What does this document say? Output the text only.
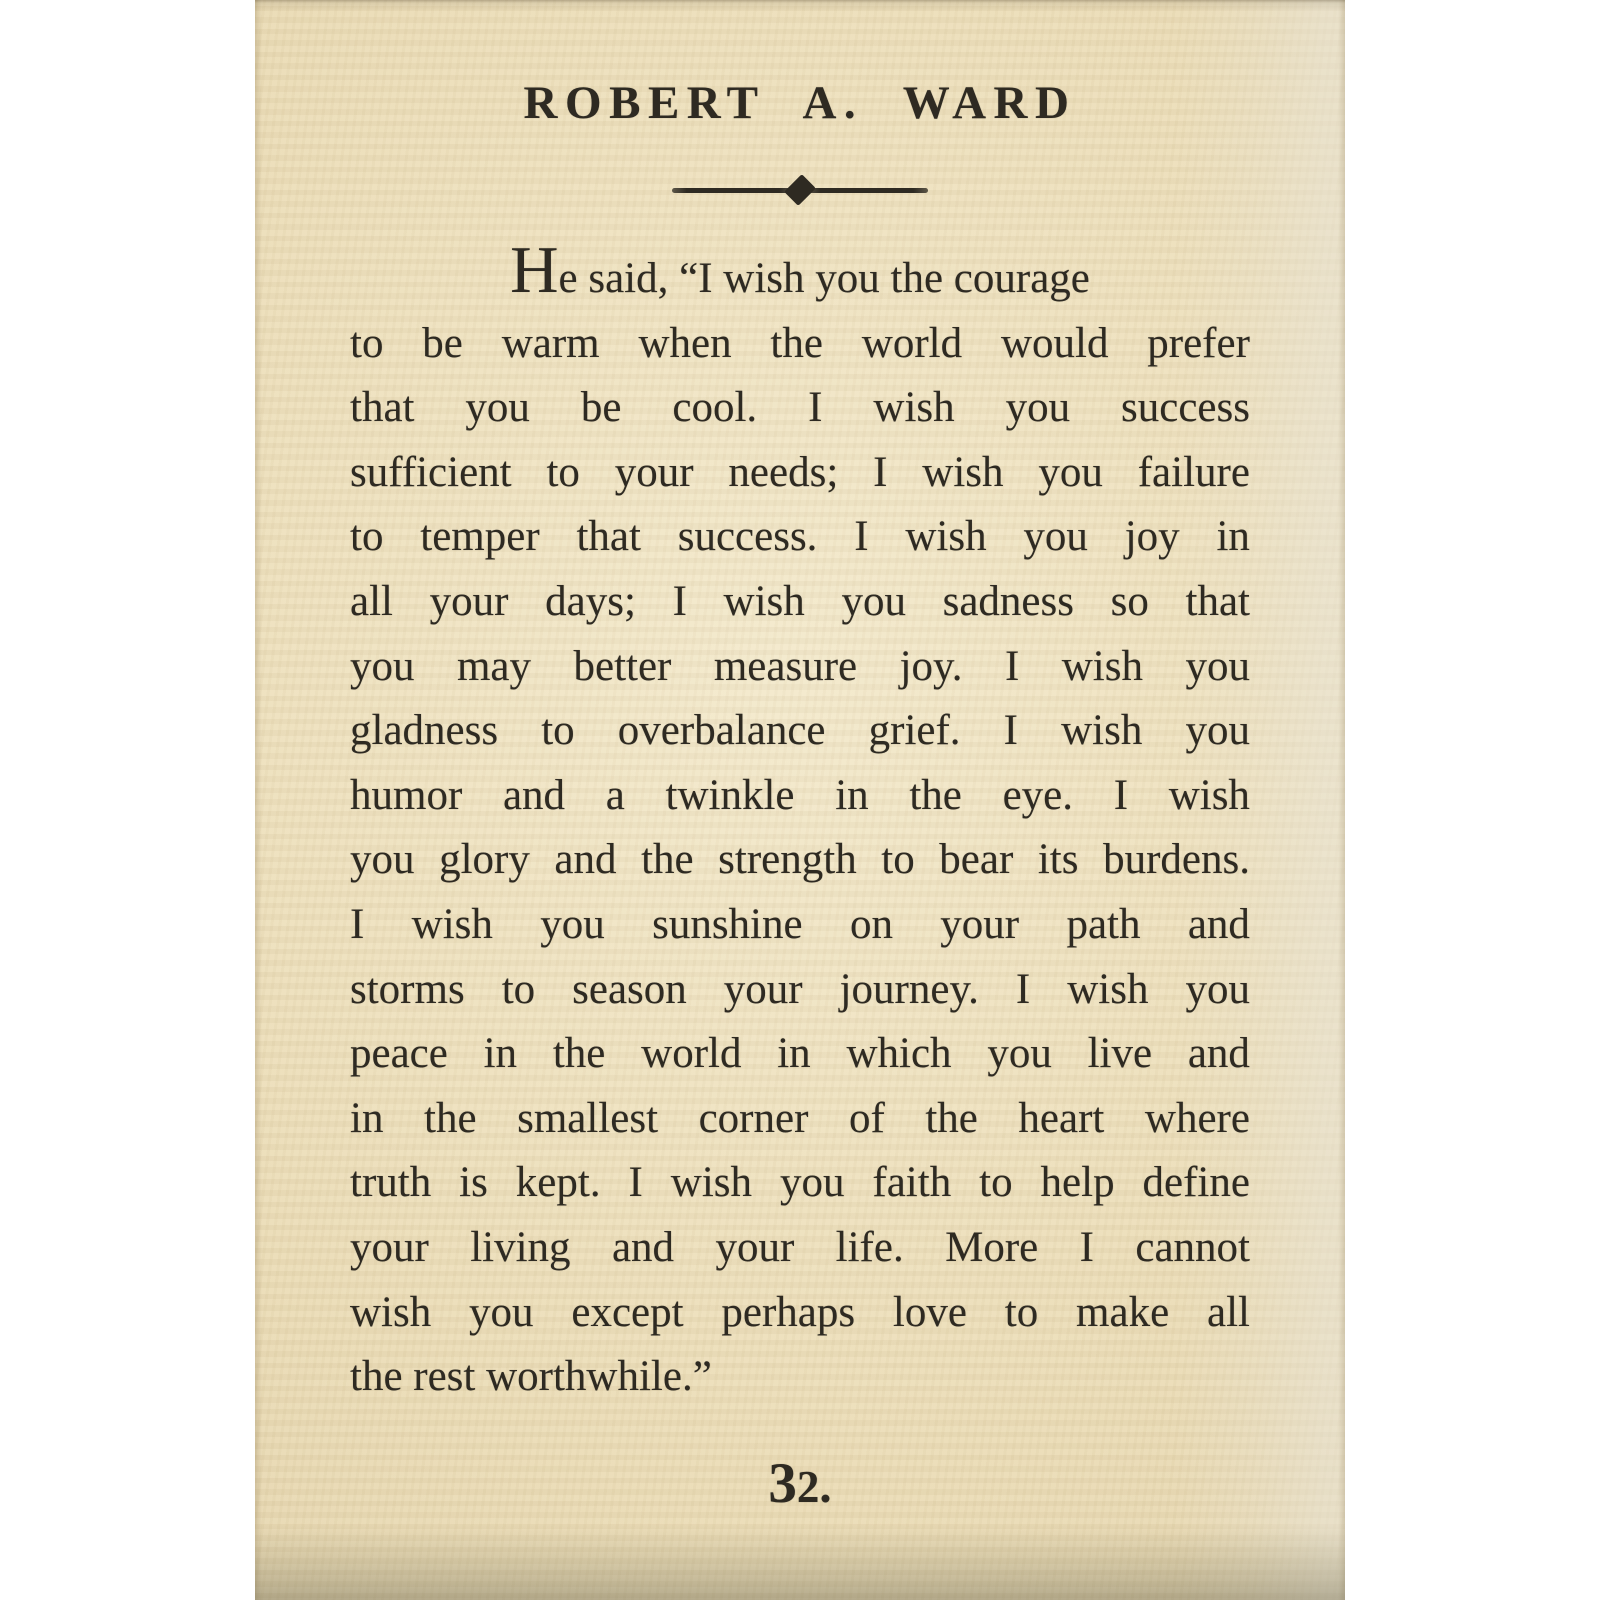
ROBERT A. WARD
He said, “I wish you the courage
to be warm when the world would prefer
that you be cool. I wish you success
sufficient to your needs; I wish you failure
to temper that success. I wish you joy in
all your days; I wish you sadness so that
you may better measure joy. I wish you
gladness to overbalance grief. I wish you
humor and a twinkle in the eye. I wish
you glory and the strength to bear its burdens.
I wish you sunshine on your path and
storms to season your journey. I wish you
peace in the world in which you live and
in the smallest corner of the heart where
truth is kept. I wish you faith to help define
your living and your life. More I cannot
wish you except perhaps love to make all
the rest worthwhile.”
32.
